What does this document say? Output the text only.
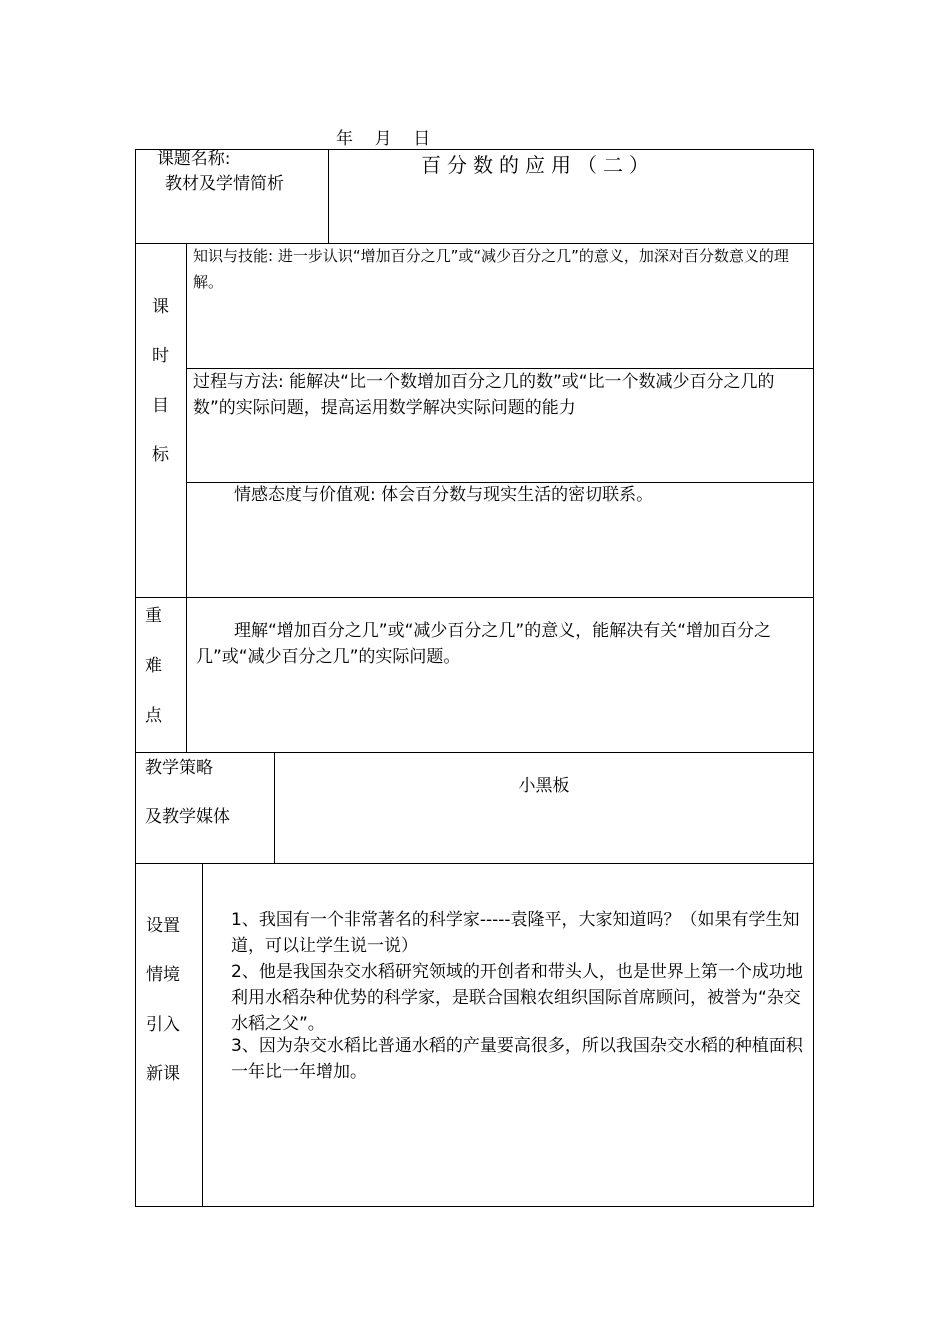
课题名称:

年    月    日

教材及学情简析
百分数的应用（二）
课
时
目
标
知识与技能: 进一步认识“增加百分之几”或“减少百分之几”的意义，加深对百分数意义的理解。
过程与方法: 能解决“比一个数增加百分之几的数”或“比一个数减少百分之几的数”的实际问题，提高运用数学解决实际问题的能力
情感态度与价值观: 体会百分数与现实生活的密切联系。
重
难
点
理解“增加百分之几”或“减少百分之几”的意义，能解决有关“增加百分之几”或“减少百分之几”的实际问题。
教学策略
及教学媒体
小黑板
设置
情境
引入
新课
1、我国有一个非常著名的科学家-----袁隆平，大家知道吗？（如果有学生知道，可以让学生说一说）
2、他是我国杂交水稻研究领域的开创者和带头人，也是世界上第一个成功地利用水稻杂种优势的科学家，是联合国粮农组织国际首席顾问，被誉为“杂交水稻之父”。
3、因为杂交水稻比普通水稻的产量要高很多，所以我国杂交水稻的种植面积一年比一年增加。
